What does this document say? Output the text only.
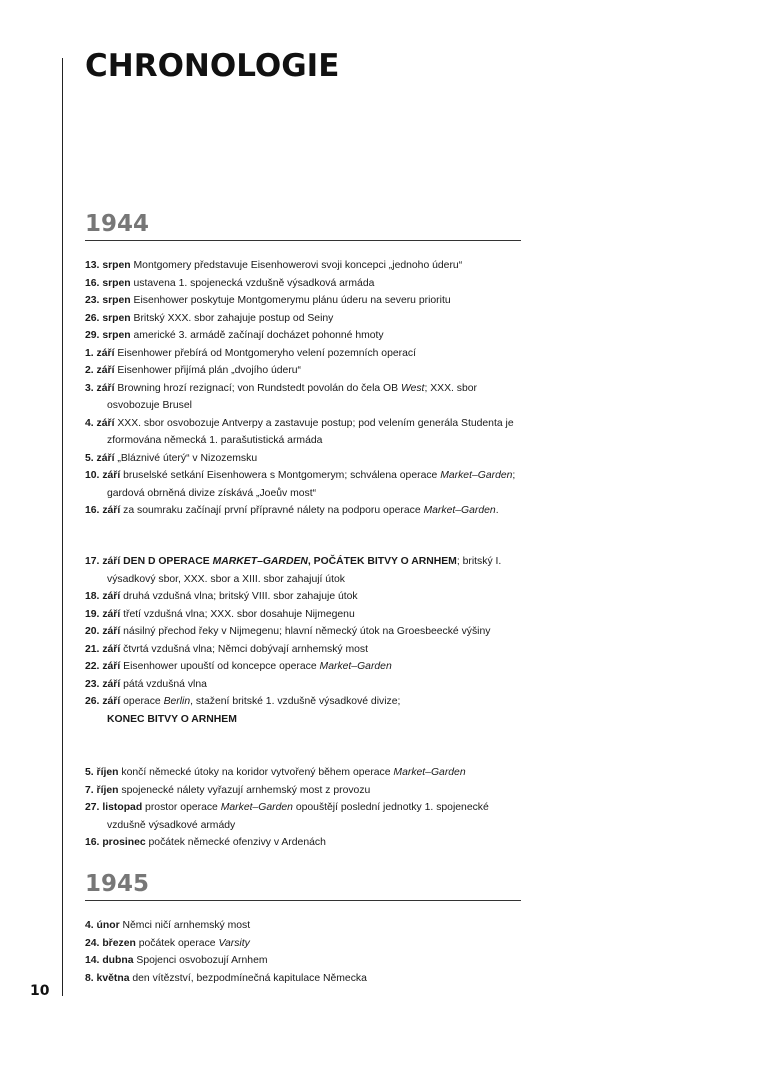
CHRONOLOGIE
1944

13. srpen Montgomery představuje Eisenhowerovi svoji koncepci „jednoho úderu“

16. srpen ustavena 1. spojenecká vzdušně výsadková armáda

23. srpen Eisenhower poskytuje Montgomerymu plánu úderu na severu prioritu

26. srpen Britský XXX. sbor zahajuje postup od Seiny

29. srpen americké 3. armádě začínají docházet pohonné hmoty

1. září Eisenhower přebírá od Montgomeryho velení pozemních operací

2. září Eisenhower přijímá plán „dvojího úderu“

3. září Browning hrozí rezignací; von Rundstedt povolán do čela OB West; XXX. sbor osvobozuje Brusel

4. září XXX. sbor osvobozuje Antverpy a zastavuje postup; pod velením generála Studenta je zformována německá 1. parašutistická armáda

5. září „Bláznivé úterý“ v Nizozemsku

10. září bruselské setkání Eisenhowera s Montgomerym; schválena operace Market–Garden; gardová obrněná divize získává „Joeův most“

16. září za soumraku začínají první přípravné nálety na podporu operace Market–Garden.

17. září DEN D OPERACE MARKET–GARDEN, POČÁTEK BITVY O ARNHEM; britský I. výsadkový sbor, XXX. sbor a XIII. sbor zahajují útok

18. září druhá vzdušná vlna; britský VIII. sbor zahajuje útok

19. září třetí vzdušná vlna; XXX. sbor dosahuje Nijmegenu

20. září násilný přechod řeky v Nijmegenu; hlavní německý útok na Groesbeecké výšiny

21. září čtvrtá vzdušná vlna; Němci dobývají arnhemský most

22. září Eisenhower upouští od koncepce operace Market–Garden

23. září pátá vzdušná vlna

26. září operace Berlin, stažení britské 1. vzdušně výsadkové divize;
KONEC BITVY O ARNHEM

5. říjen končí německé útoky na koridor vytvořený během operace Market–Garden

7. říjen spojenecké nálety vyřazují arnhemský most z provozu

27. listopad prostor operace Market–Garden opouštějí poslední jednotky 1. spojenecké vzdušně výsadkové armády

16. prosinec počátek německé ofenzivy v Ardenách

1945

4. únor Němci ničí arnhemský most

24. březen počátek operace Varsity

14. dubna Spojenci osvobozují Arnhem

8. května den vítězství, bezpodmínečná kapitulace Německa

10
